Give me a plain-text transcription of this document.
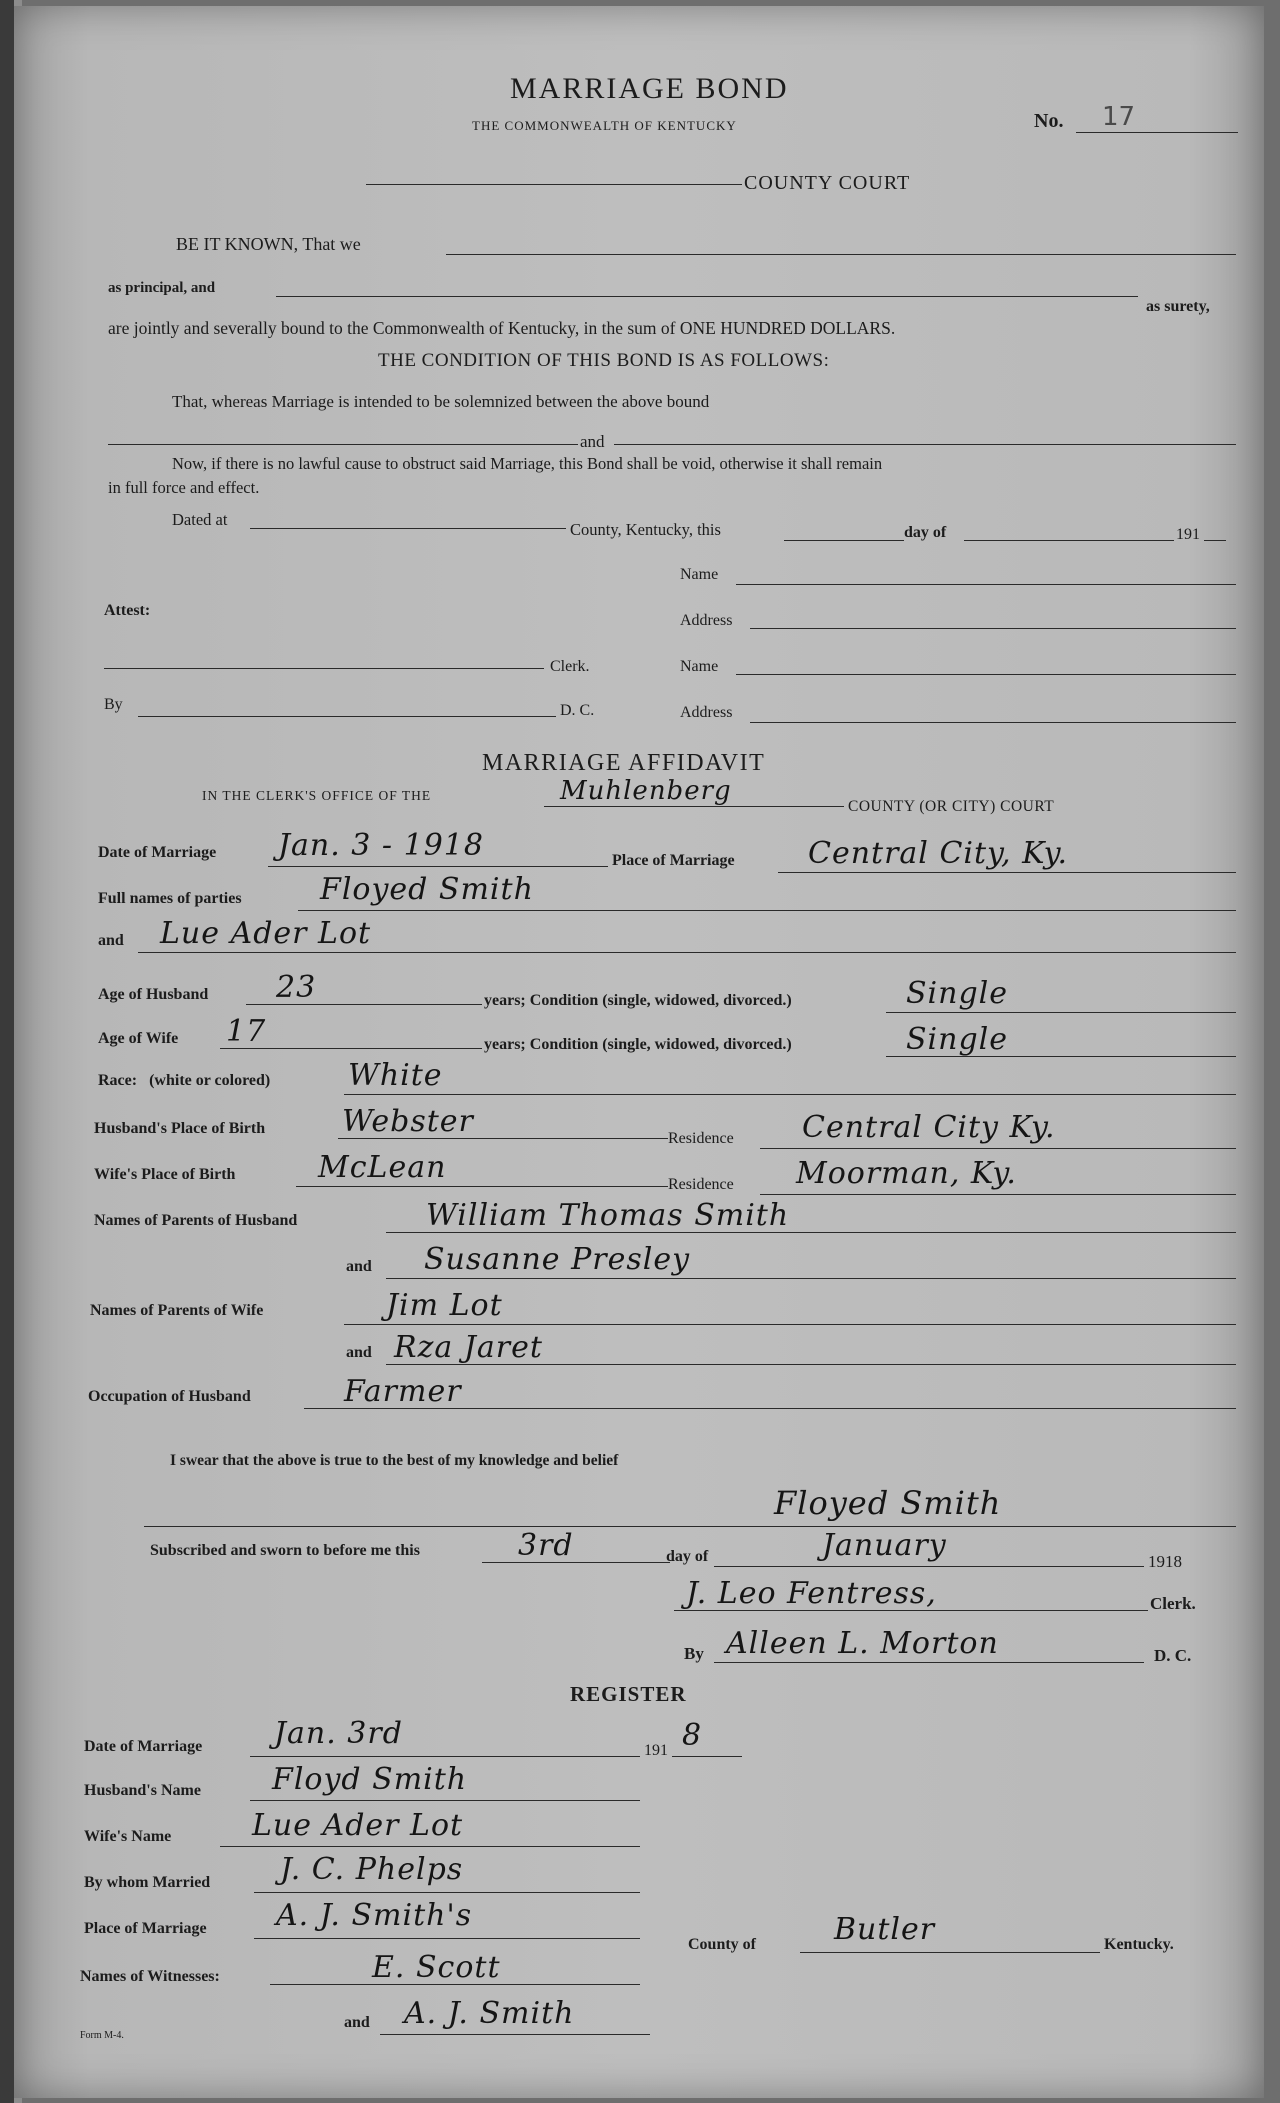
MARRIAGE BOND
THE COMMONWEALTH OF KENTUCKY	No. 17
COUNTY COURT
BE IT KNOWN, That we
as principal, and
as surety,
are jointly and severally bound to the Commonwealth of Kentucky, in the sum of ONE HUNDRED DOLLARS.
THE CONDITION OF THIS BOND IS AS FOLLOWS:
That, whereas Marriage is intended to be solemnized between the above bound
and
Now, if there is no lawful cause to obstruct said Marriage, this Bond shall be void, otherwise it shall remain
in full force and effect.
Dated at
County, Kentucky, this	day of	191
Name
Attest:
Address
Clerk.	Name
By	D. C.	Address
MARRIAGE AFFIDAVIT
IN THE CLERK'S OFFICE OF THE	Muhlenberg
COUNTY (OR CITY) COURT
Date of Marriage Jan. 3 - 1918	Place of Marriage Central City, Ky.
Full names of parties	Floyed Smith
and Lue Ader Lot
Age of Husband 23	years; Condition (single, widowed, divorced.)	Single
Age of Wife 17	years; Condition (single, widowed, divorced.)	Single
Race:   (white or colored)	White
Husband's Place of Birth	Webster	Residence Central City Ky.
Wife's Place of Birth	McLean	Residence Moorman, Ky.
Names of Parents of Husband	William Thomas Smith
and Susanne Presley
Names of Parents of Wife	Jim Lot
and Rza Jaret
Occupation of Husband	Farmer
I swear that the above is true to the best of my knowledge and belief
Floyed Smith
Subscribed and sworn to before me this	3rd	day of	January	1918
J. Leo Fentress,	Clerk.
By Alleen L. Morton	D. C.
REGISTER
Date of Marriage Jan. 3rd	191 8
Husband's Name Floyd Smith
Wife's Name	Lue Ader Lot
By whom Married J. C. Phelps
Place of Marriage A. J. Smith's
County of	Butler	Kentucky.
Names of Witnesses:	E. Scott
and A. J. Smith
Form M-4.
